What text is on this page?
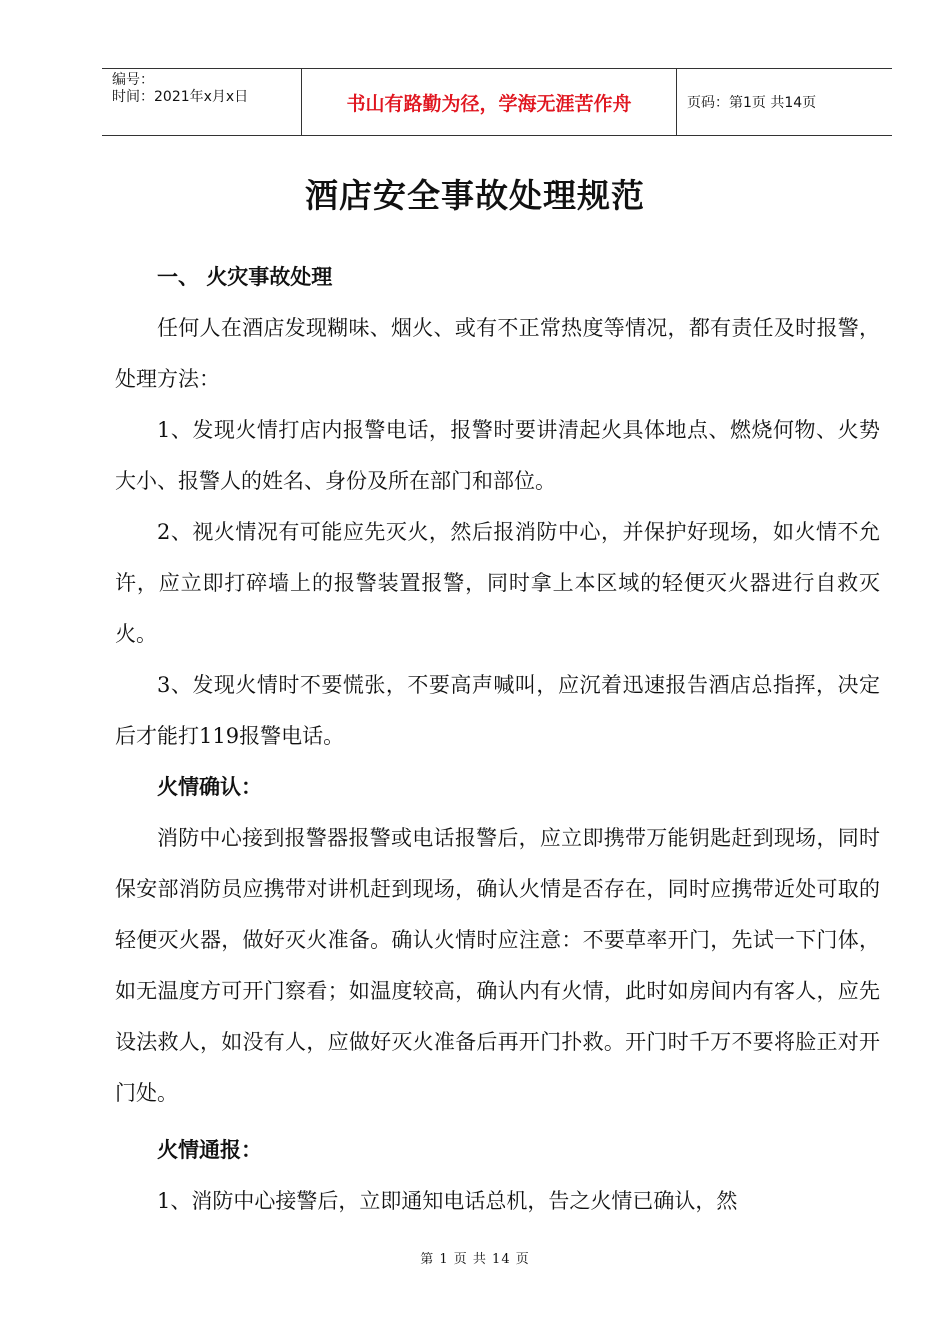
编号：
时间：2021年x月x日	书山有路勤为径，学海无涯苦作舟	页码：第1页 共14页
酒店安全事故处理规范

一、 火灾事故处理

任何人在酒店发现糊味、烟火、或有不正常热度等情况，都有责任及时报警，处理方法：

1、发现火情打店内报警电话，报警时要讲清起火具体地点、燃烧何物、火势大小、报警人的姓名、身份及所在部门和部位。

2、视火情况有可能应先灭火，然后报消防中心，并保护好现场，如火情不允许，应立即打碎墙上的报警装置报警，同时拿上本区域的轻便灭火器进行自救灭火。

3、发现火情时不要慌张，不要高声喊叫，应沉着迅速报告酒店总指挥，决定后才能打119报警电话。

火情确认：

消防中心接到报警器报警或电话报警后，应立即携带万能钥匙赶到现场，同时保安部消防员应携带对讲机赶到现场，确认火情是否存在，同时应携带近处可取的轻便灭火器，做好灭火准备。确认火情时应注意：不要草率开门，先试一下门体，如无温度方可开门察看；如温度较高，确认内有火情，此时如房间内有客人，应先设法救人，如没有人，应做好灭火准备后再开门扑救。开门时千万不要将脸正对开门处。

火情通报：

1、消防中心接警后，立即通知电话总机，告之火情已确认，然

第 1 页 共 14 页
